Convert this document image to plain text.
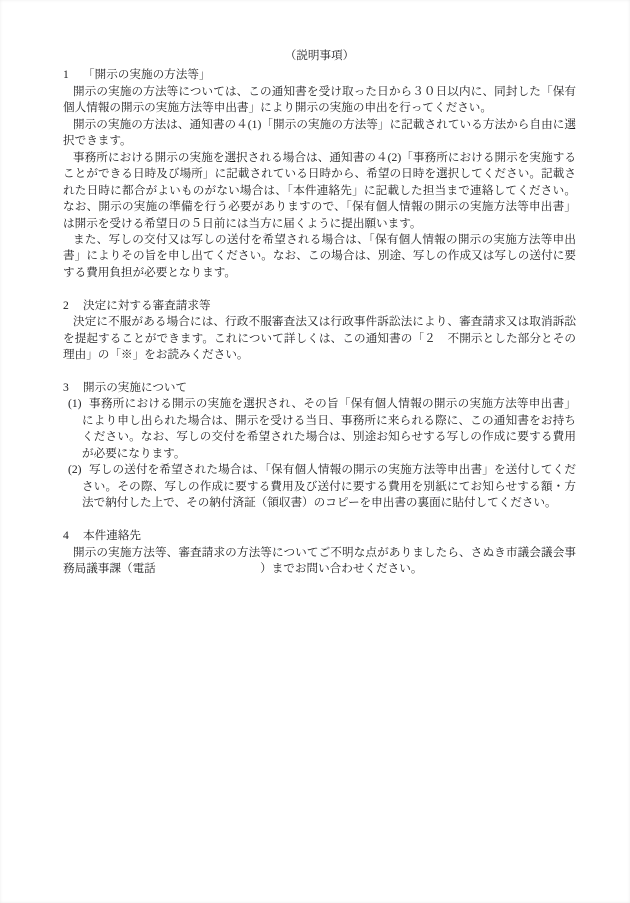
（説明事項）

1	「開示の実施の方法等」

開示の実施の方法等については、この通知書を受け取った日から３０日以内に、同封した「保有個人情報の開示の実施方法等申出書」により開示の実施の申出を行ってください。

開示の実施の方法は、通知書の４(1)「開示の実施の方法等」に記載されている方法から自由に選択できます。

事務所における開示の実施を選択される場合は、通知書の４(2)「事務所における開示を実施することができる日時及び場所」に記載されている日時から、希望の日時を選択してください。記載された日時に都合がよいものがない場合は、「本件連絡先」に記載した担当まで連絡してください。なお、開示の実施の準備を行う必要がありますので、「保有個人情報の開示の実施方法等申出書」は開示を受ける希望日の５日前には当方に届くように提出願います。

また、写しの交付又は写しの送付を希望される場合は、「保有個人情報の開示の実施方法等申出書」によりその旨を申し出てください。なお、この場合は、別途、写しの作成又は写しの送付に要する費用負担が必要となります。

2	決定に対する審査請求等

決定に不服がある場合には、行政不服審査法又は行政事件訴訟法により、審査請求又は取消訴訟を提起することができます。これについて詳しくは、この通知書の「２　不開示とした部分とその理由」の「※」をお読みください。

3	開示の実施について

(1) 事務所における開示の実施を選択され、その旨「保有個人情報の開示の実施方法等申出書」により申し出られた場合は、開示を受ける当日、事務所に来られる際に、この通知書をお持ちください。なお、写しの交付を希望された場合は、別途お知らせする写しの作成に要する費用が必要になります。

(2) 写しの送付を希望された場合は、「保有個人情報の開示の実施方法等申出書」を送付してください。その際、写しの作成に要する費用及び送付に要する費用を別紙にてお知らせする額・方法で納付した上で、その納付済証（領収書）のコピーを申出書の裏面に貼付してください。

4	本件連絡先

開示の実施方法等、審査請求の方法等についてご不明な点がありましたら、さぬき市議会議会事務局議事課（電話　　　　　　　　　）までお問い合わせください。
